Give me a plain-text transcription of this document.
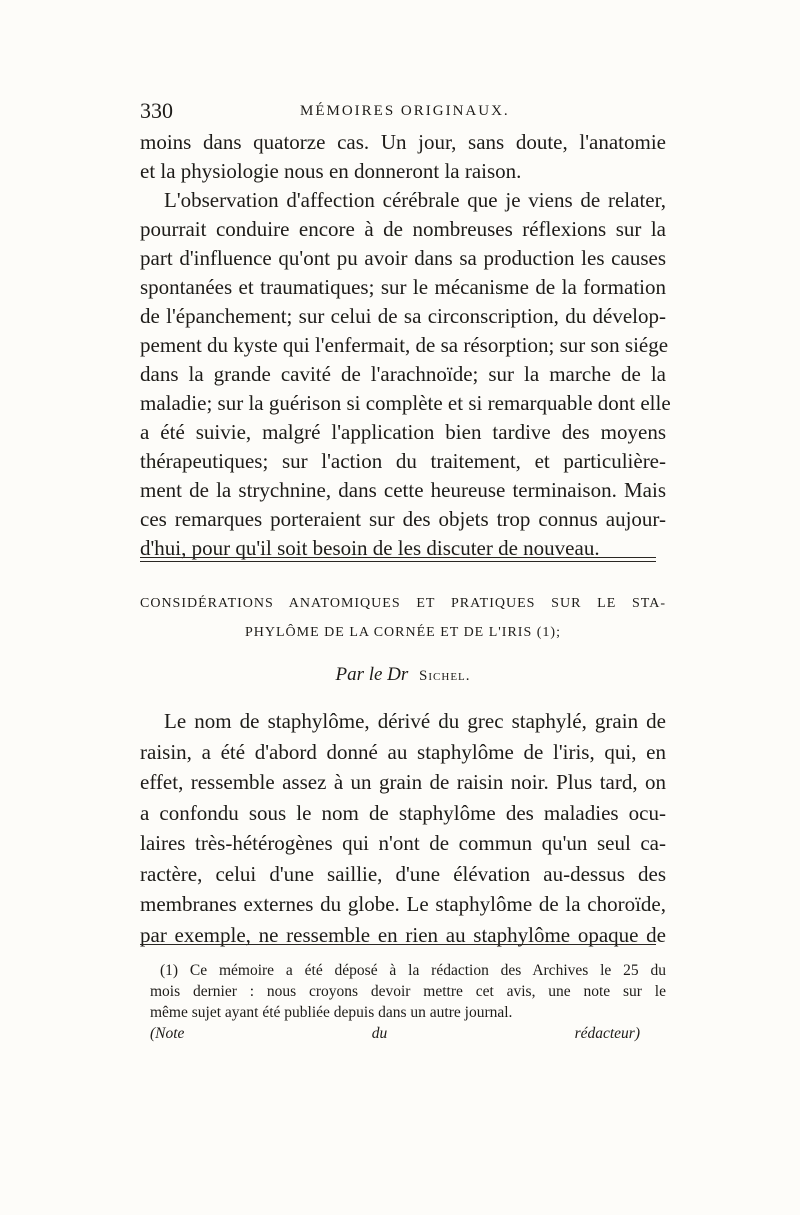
330	MÉMOIRES ORIGINAUX.
moins dans quatorze cas. Un jour, sans doute, l'anatomie
et la physiologie nous en donneront la raison.
L'observation d'affection cérébrale que je viens de relater,
pourrait conduire encore à de nombreuses réflexions sur la
part d'influence qu'ont pu avoir dans sa production les causes
spontanées et traumatiques; sur le mécanisme de la formation
de l'épanchement; sur celui de sa circonscription, du dévelop-
pement du kyste qui l'enfermait, de sa résorption; sur son siége
dans la grande cavité de l'arachnoïde; sur la marche de la
maladie; sur la guérison si complète et si remarquable dont elle
a été suivie, malgré l'application bien tardive des moyens
thérapeutiques; sur l'action du traitement, et particulière-
ment de la strychnine, dans cette heureuse terminaison. Mais
ces remarques porteraient sur des objets trop connus aujour-
d'hui, pour qu'il soit besoin de les discuter de nouveau.
CONSIDÉRATIONS ANATOMIQUES ET PRATIQUES SUR LE STA-
PHYLÔME DE LA CORNÉE ET DE L'IRIS (1);
Par le Dr Sichel.
Le nom de staphylôme, dérivé du grec staphylé, grain de
raisin, a été d'abord donné au staphylôme de l'iris, qui, en
effet, ressemble assez à un grain de raisin noir. Plus tard, on
a confondu sous le nom de staphylôme des maladies ocu-
laires très-hétérogènes qui n'ont de commun qu'un seul ca-
ractère, celui d'une saillie, d'une élévation au-dessus des
membranes externes du globe. Le staphylôme de la choroïde,
par exemple, ne ressemble en rien au staphylôme opaque de
(1) Ce mémoire a été déposé à la rédaction des Archives le 25 du
mois dernier : nous croyons devoir mettre cet avis, une note sur le
même sujet ayant été publiée depuis dans un autre journal.
(Note du rédacteur)
